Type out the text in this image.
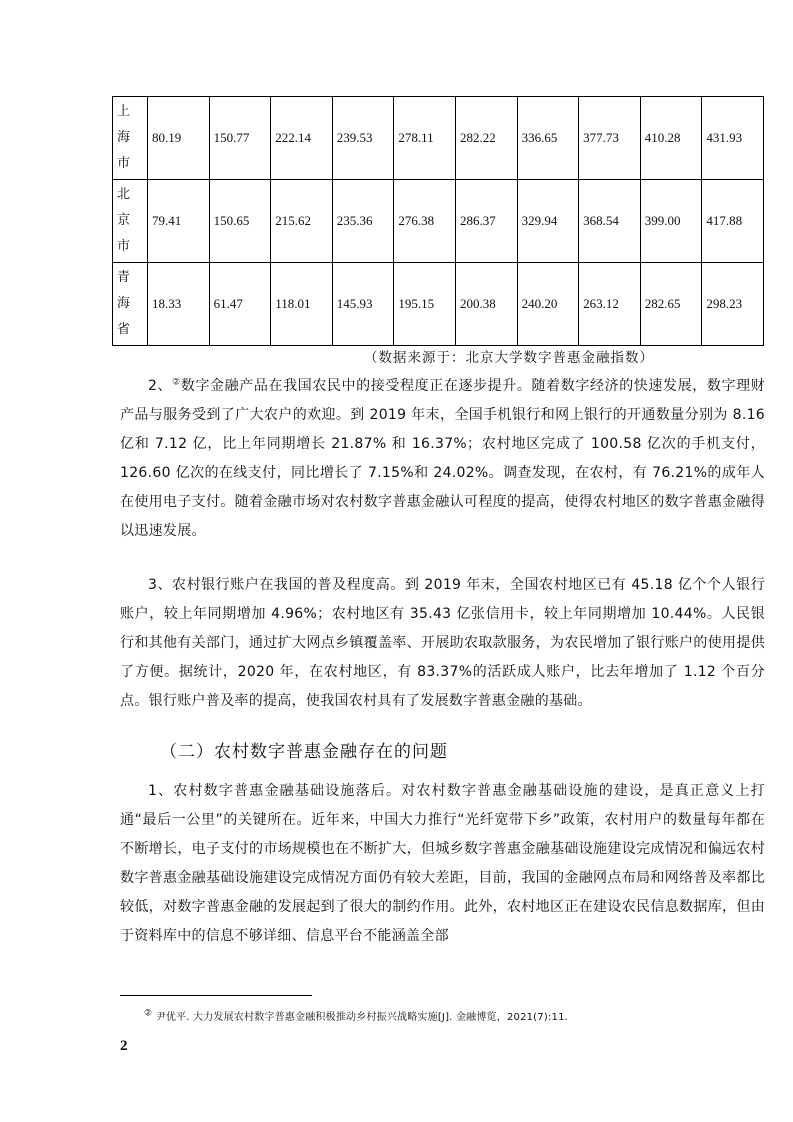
上海市	80.19	150.77	222.14	239.53	278.11	282.22	336.65	377.73	410.28	431.93

北京市	79.41	150.65	215.62	235.36	276.38	286.37	329.94	368.54	399.00	417.88

青海省	18.33	61.47	118.01	145.93	195.15	200.38	240.20	263.12	282.65	298.23
（数据来源于：北京大学数字普惠金融指数）

2、②数字金融产品在我国农民中的接受程度正在逐步提升。随着数字经济的快速发展，数字理财产品与服务受到了广大农户的欢迎。到 2019 年末，全国手机银行和网上银行的开通数量分别为 8.16 亿和 7.12 亿，比上年同期增长 21.87% 和 16.37%；农村地区完成了 100.58 亿次的手机支付，126.60 亿次的在线支付，同比增长了 7.15%和 24.02%。调查发现，在农村，有 76.21%的成年人在使用电子支付。随着金融市场对农村数字普惠金融认可程度的提高，使得农村地区的数字普惠金融得以迅速发展。

3、农村银行账户在我国的普及程度高。到 2019 年末，全国农村地区已有 45.18 亿个个人银行账户，较上年同期增加 4.96%；农村地区有 35.43 亿张信用卡，较上年同期增加 10.44%。人民银行和其他有关部门，通过扩大网点乡镇覆盖率、开展助农取款服务，为农民增加了银行账户的使用提供了方便。据统计，2020 年，在农村地区，有 83.37%的活跃成人账户，比去年增加了 1.12 个百分点。银行账户普及率的提高，使我国农村具有了发展数字普惠金融的基础。

（二）农村数字普惠金融存在的问题

1、农村数字普惠金融基础设施落后。对农村数字普惠金融基础设施的建设，是真正意义上打通“最后一公里”的关键所在。近年来，中国大力推行“光纤宽带下乡”政策，农村用户的数量每年都在不断增长，电子支付的市场规模也在不断扩大，但城乡数字普惠金融基础设施建设完成情况和偏远农村数字普惠金融基础设施建设完成情况方面仍有较大差距，目前，我国的金融网点布局和网络普及率都比较低，对数字普惠金融的发展起到了很大的制约作用。此外，农村地区正在建设农民信息数据库，但由于资料库中的信息不够详细、信息平台不能涵盖全部

② 尹优平. 大力发展农村数字普惠金融积极推动乡村振兴战略实施[J]. 金融博览，2021(7):11.
2
